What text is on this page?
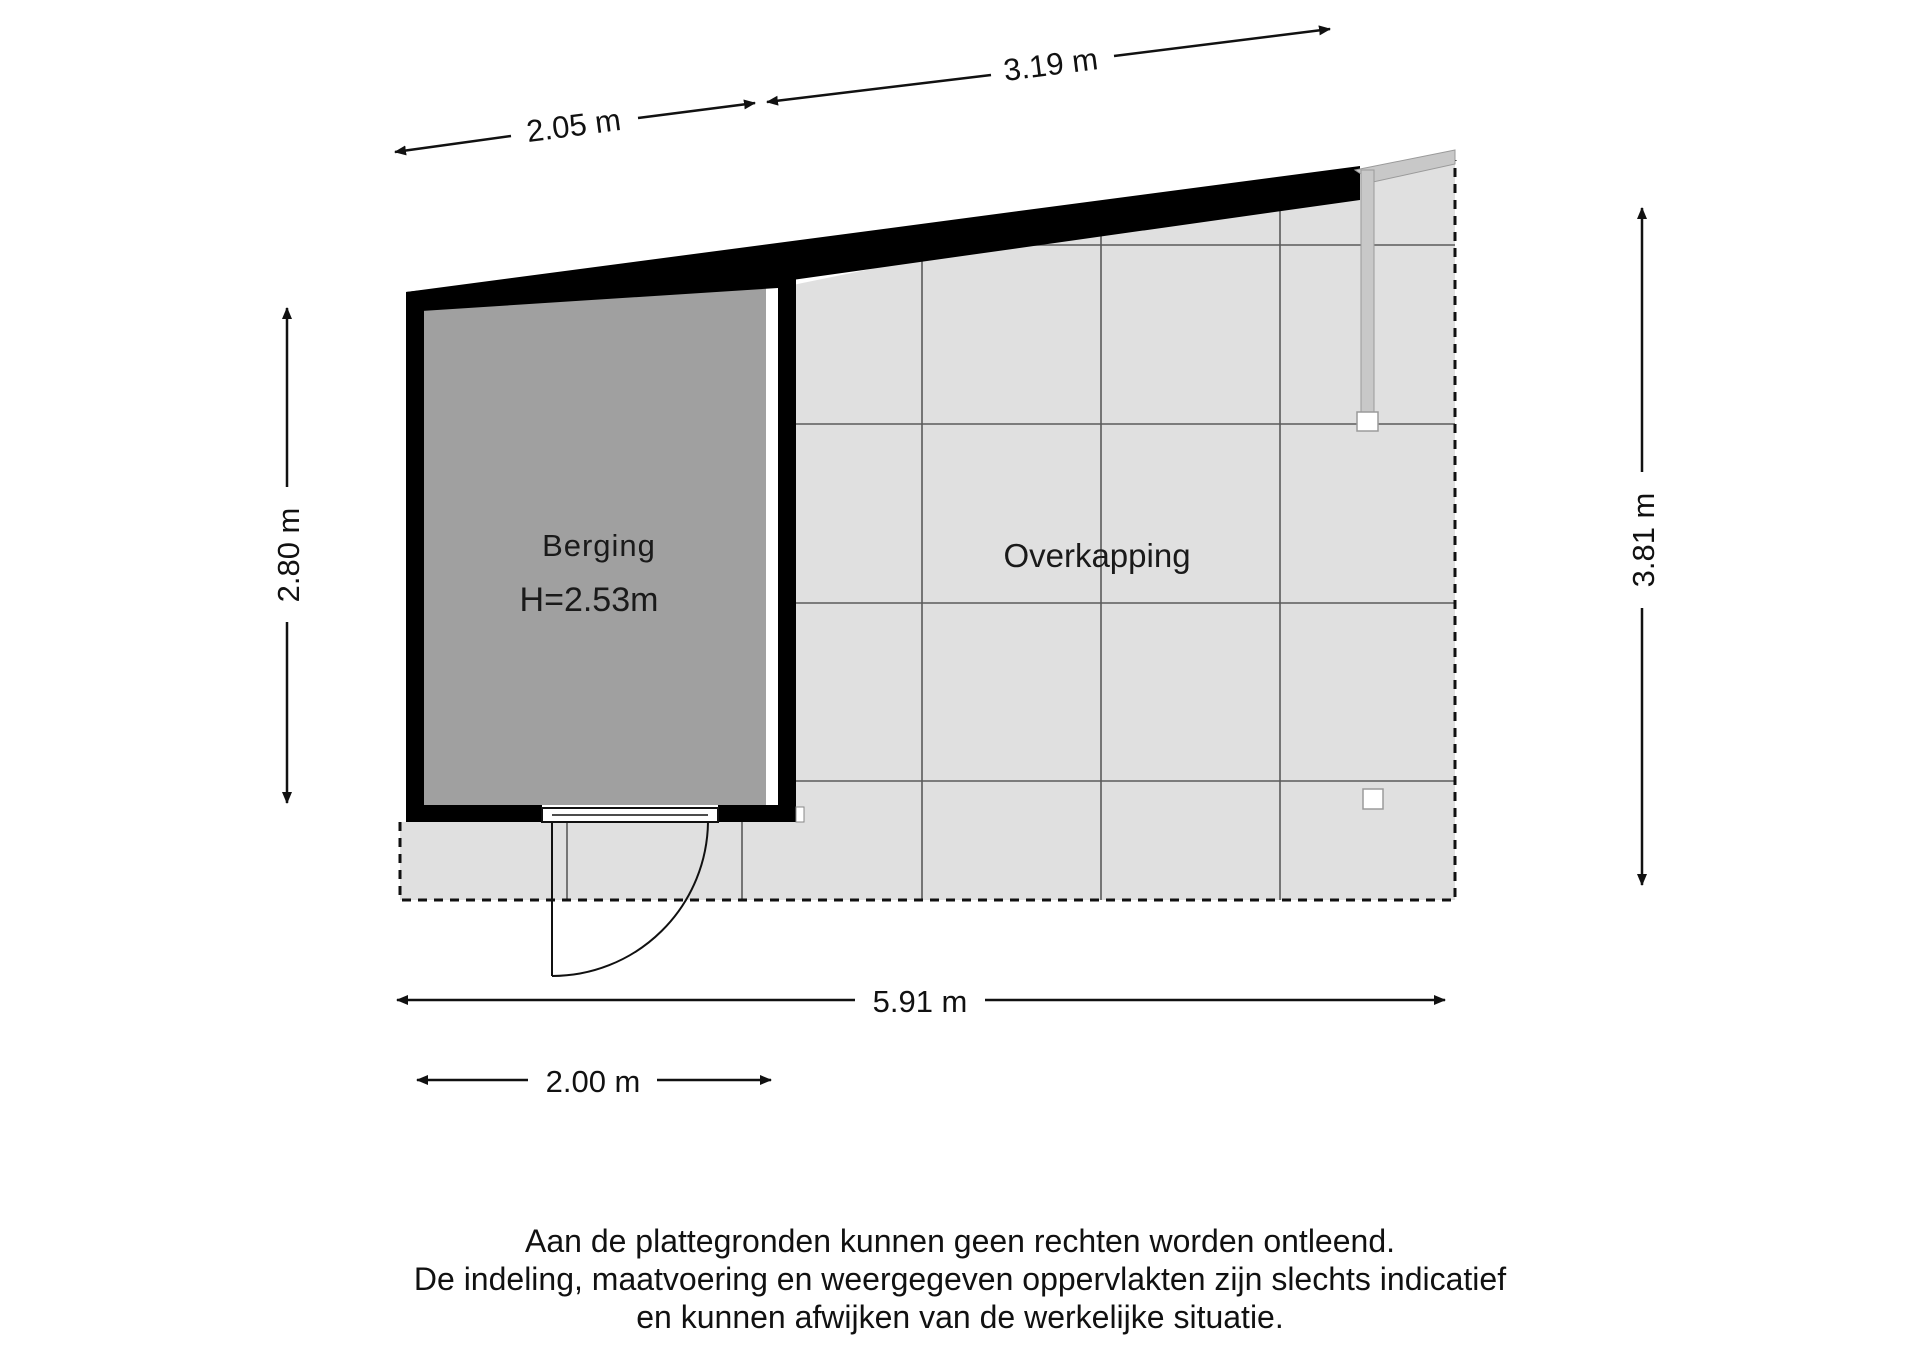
Berging
H=2.53m
Overkapping
2.05 m
3.19 m
2.80 m	3.81 m
5.91 m
2.00 m
Aan de plattegronden kunnen geen rechten worden ontleend.
De indeling, maatvoering en weergegeven oppervlakten zijn slechts indicatief
en kunnen afwijken van de werkelijke situatie.
